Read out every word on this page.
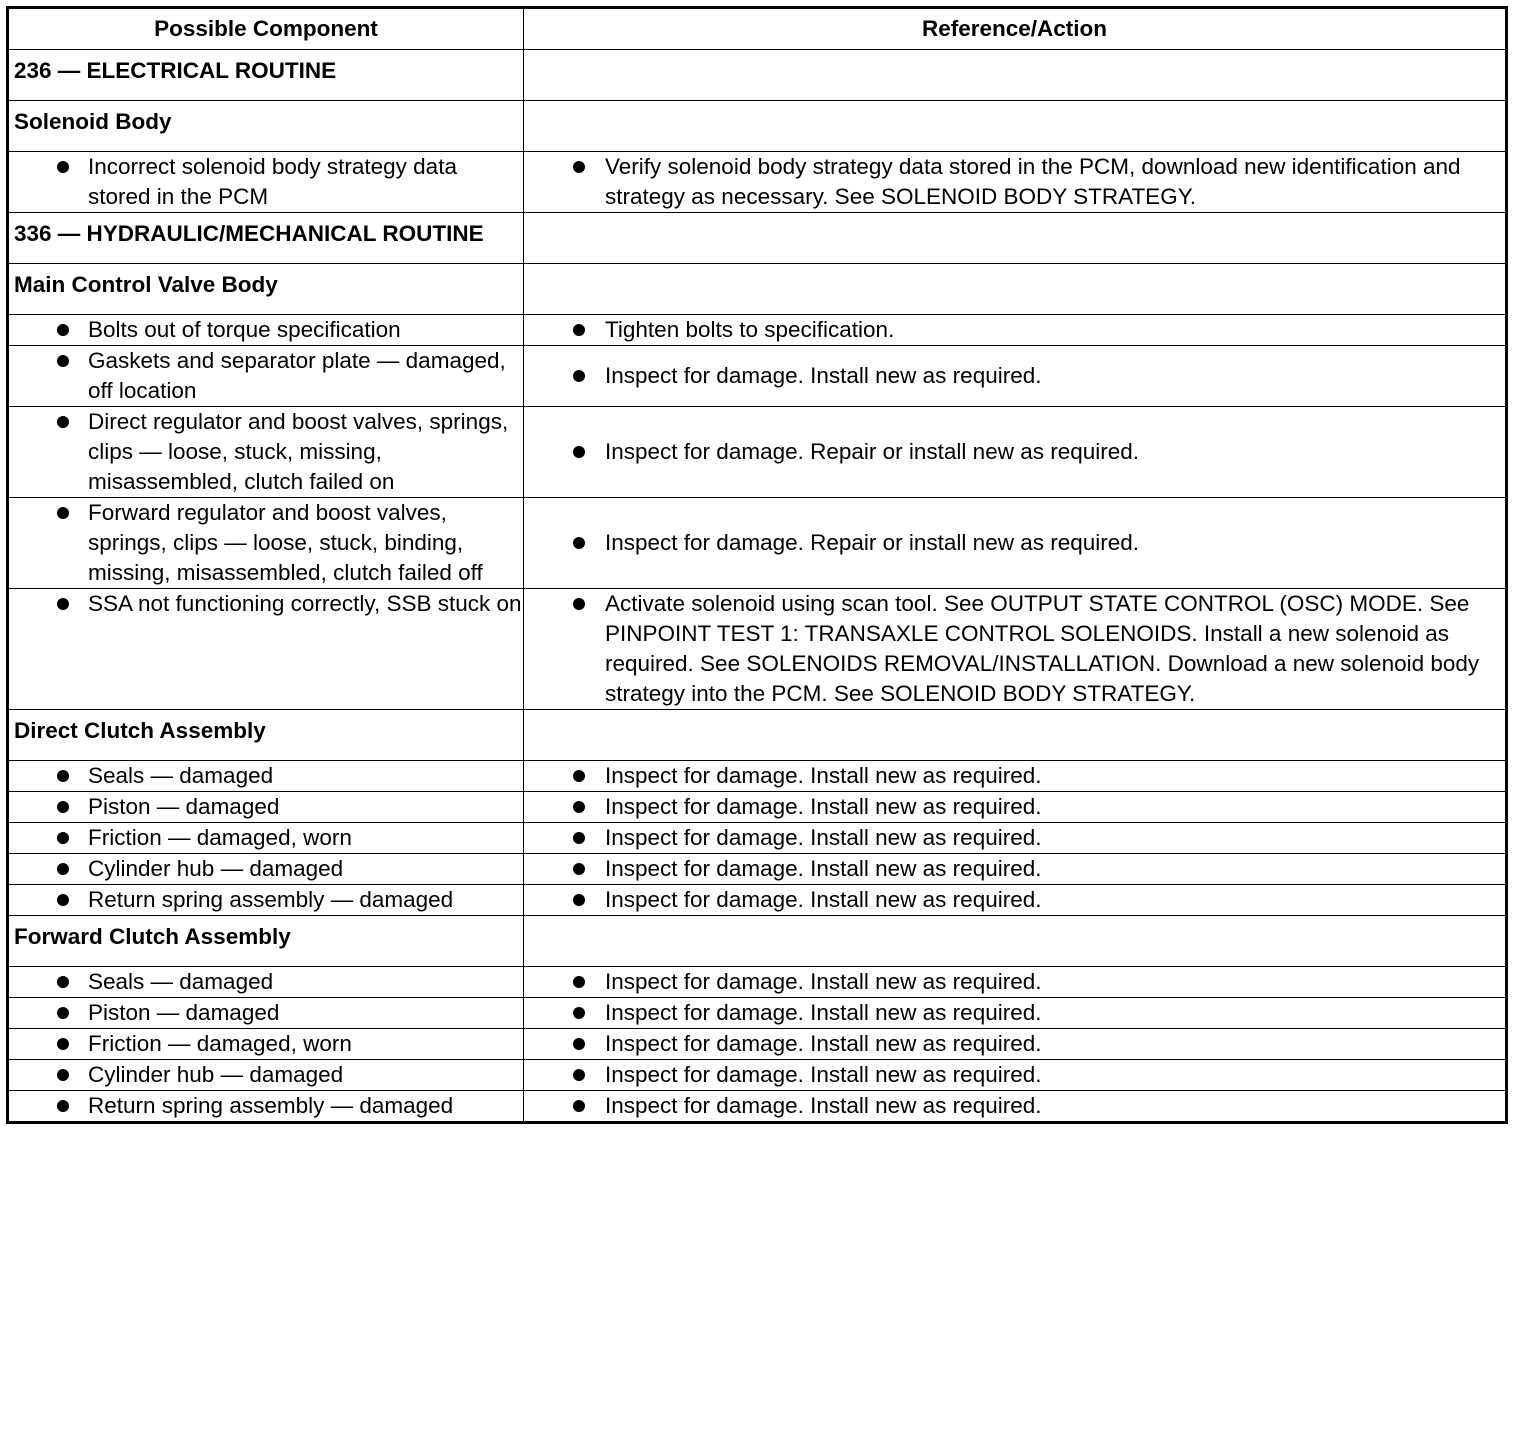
Possible Component	Reference/Action
236 — ELECTRICAL ROUTINE	
Solenoid Body	

Incorrect solenoid body strategy data stored in the PCM	Verify solenoid body strategy data stored in the PCM, download new identification and strategy as necessary. See SOLENOID BODY STRATEGY.

336 — HYDRAULIC/MECHANICAL ROUTINE	
Main Control Valve Body	

Bolts out of torque specification	Tighten bolts to specification.

Gaskets and separator plate — damaged, off location	Inspect for damage. Install new as required.

Direct regulator and boost valves, springs, clips — loose, stuck, missing, misassembled, clutch failed on	Inspect for damage. Repair or install new as required.

Forward regulator and boost valves, springs, clips — loose, stuck, binding, missing, misassembled, clutch failed off	Inspect for damage. Repair or install new as required.

SSA not functioning correctly, SSB stuck on	Activate solenoid using scan tool. See OUTPUT STATE CONTROL (OSC) MODE. See PINPOINT TEST 1: TRANSAXLE CONTROL SOLENOIDS. Install a new solenoid as required. See SOLENOIDS REMOVAL/INSTALLATION. Download a new solenoid body strategy into the PCM. See SOLENOID BODY STRATEGY.

Direct Clutch Assembly	

Seals — damaged	Inspect for damage. Install new as required.

Piston — damaged	Inspect for damage. Install new as required.

Friction — damaged, worn	Inspect for damage. Install new as required.

Cylinder hub — damaged	Inspect for damage. Install new as required.

Return spring assembly — damaged	Inspect for damage. Install new as required.

Forward Clutch Assembly	

Seals — damaged	Inspect for damage. Install new as required.

Piston — damaged	Inspect for damage. Install new as required.

Friction — damaged, worn	Inspect for damage. Install new as required.

Cylinder hub — damaged	Inspect for damage. Install new as required.

Return spring assembly — damaged	Inspect for damage. Install new as required.
